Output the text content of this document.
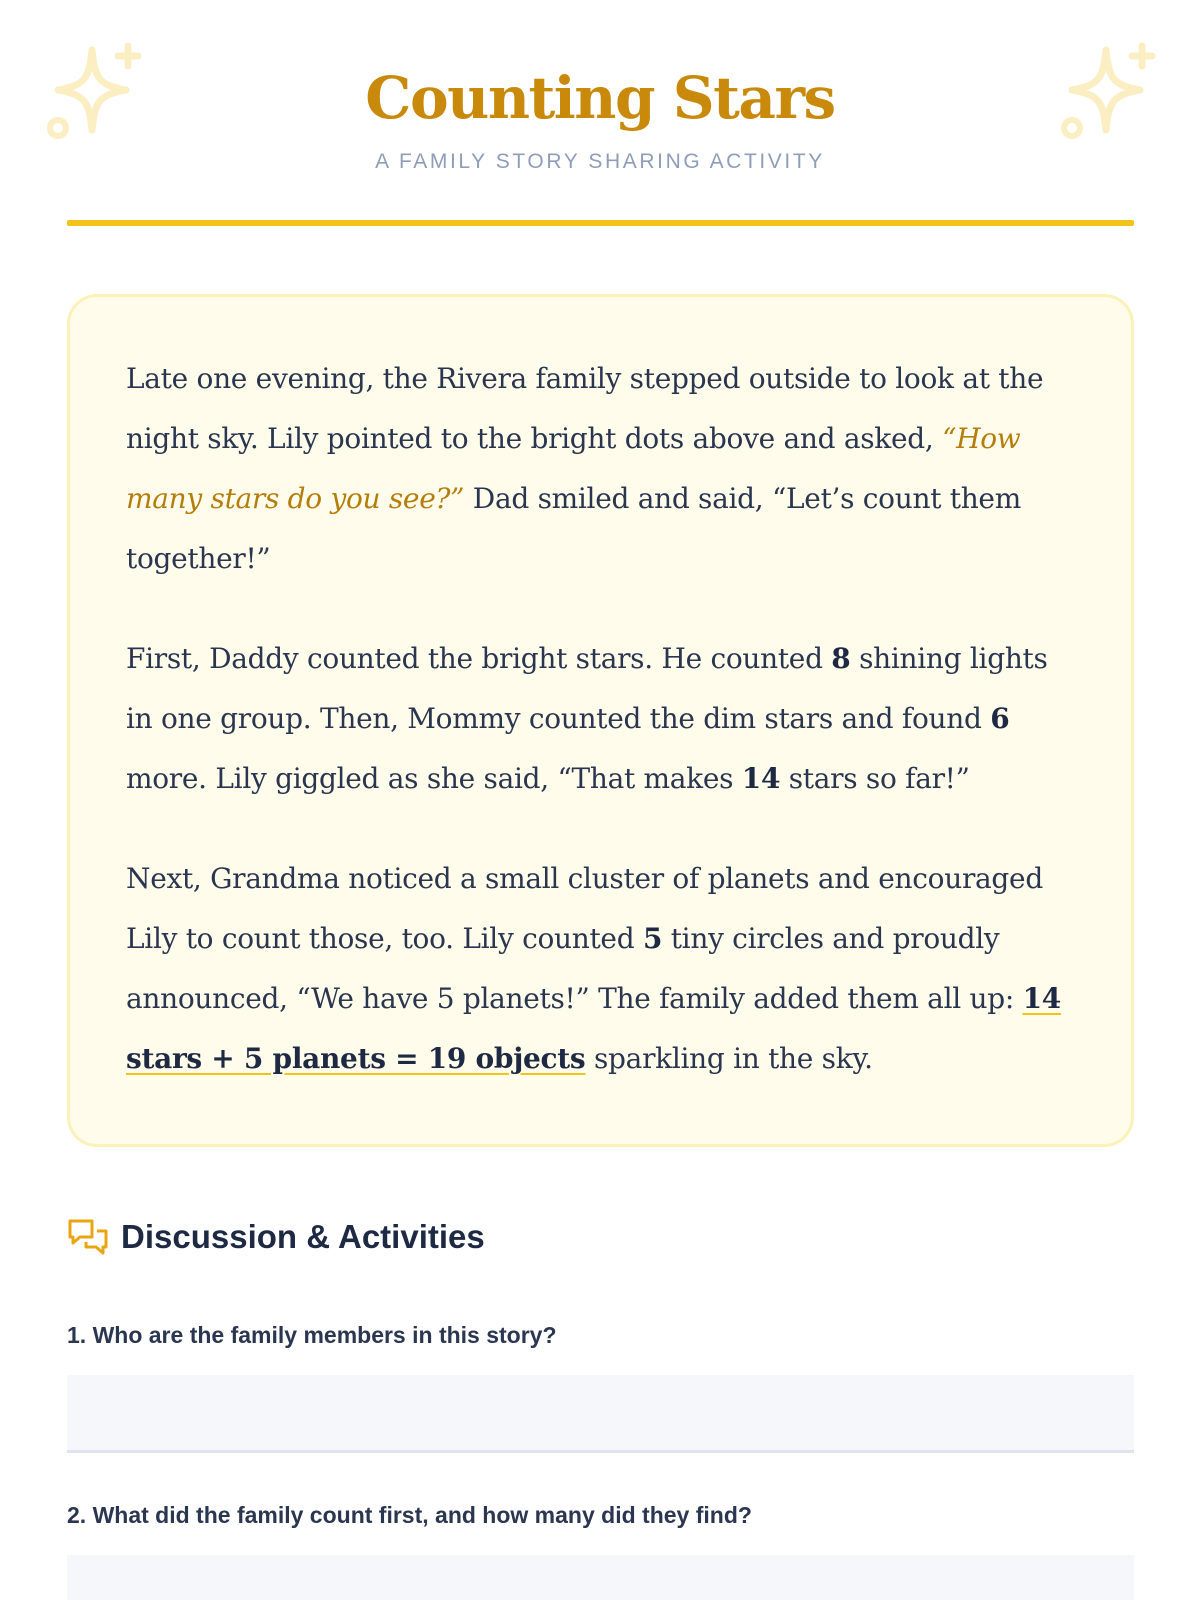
Counting Stars
A FAMILY STORY SHARING ACTIVITY

Late one evening, the Rivera family stepped outside to look at the night sky. Lily pointed to the bright dots above and asked, “How many stars do you see?” Dad smiled and said, “Let’s count them together!”

First, Daddy counted the bright stars. He counted 8 shining lights in one group. Then, Mommy counted the dim stars and found 6 more. Lily giggled as she said, “That makes 14 stars so far!”

Next, Grandma noticed a small cluster of planets and encouraged Lily to count those, too. Lily counted 5 tiny circles and proudly announced, “We have 5 planets!” The family added them all up: 14 stars + 5 planets = 19 objects sparkling in the sky.

Discussion & Activities
1. Who are the family members in this story?
2. What did the family count first, and how many did they find?
